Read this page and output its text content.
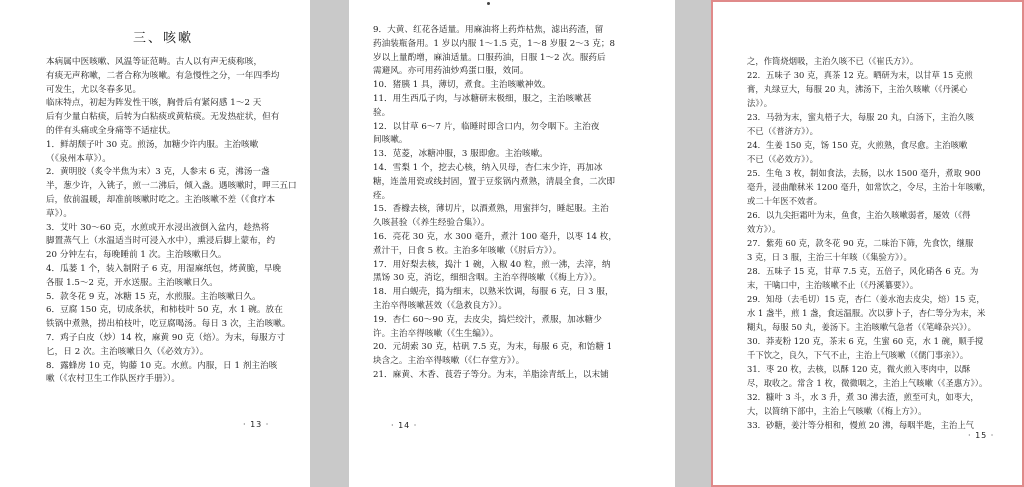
三、咳嗽
本病属中医咳嗽、风温等证范畴。古人以有声无痰称咳，
有痰无声称嗽，二者合称为咳嗽。有急慢性之分，一年四季均
可发生，尤以冬春多见。
临床特点，初起为阵发性干咳，胸骨后有紧闷感 1～2 天
后有少量白粘痰，后转为白粘痰或黄粘痰。无发热症状，但有
的伴有头痛或全身痛等不适症状。
1．鲜胡颓子叶 30 克。煎汤，加糖少许内服。主治咳嗽
（《泉州本草》）。
2．黄明胶（炙令半焦为末）3 克，人参末 6 克，沸汤一盏
半，葱少许，入铫子，煎一二沸后，倾入盏。遇咳嗽时，呷三五口
后，依前温暖，却准前咳嗽时吃之。主治咳嗽不差（《食疗本
草》）。
3．艾叶 30～60 克，水煎或开水浸出液倒入盆内，趁热将
脚置蒸气上（水温适当时可浸入水中），熏浸后脚上蒙布，约
20 分钟左右，每晚睡前 1 次。主治咳嗽日久。
4．瓜蒌 1 个，装入制附子 6 克，用湿麻纸包，烤黄脆，早晚
各服 1.5～2 克，开水送服。主治咳嗽日久。
5．款冬花 9 克，冰糖 15 克，水煎服。主治咳嗽日久。
6．豆腐 150 克，切成条状，和柿枝叶 50 克，水 1 碗。放在
铁锅中煮熟，捞出柏枝叶，吃豆腐喝汤。每日 3 次，主治咳嗽。
7．鸡子白皮（炒）14 枚，麻黄 90 克（焙）。为末，每服方寸
匕，日 2 次。主治咳嗽日久（《必效方》）。
8．露蜂房 10 克，钩藤 10 克。水煎。内服，日 1 剂主治咳
嗽（《农村卫生工作队医疗手册》）。
· 13 ·
9．大黄、红花各适量。用麻油将上药炸枯焦，滤出药渣，留
药油装瓶备用。1 岁以内服 1～1.5 克，1～8 岁服 2～3 克；8
岁以上量酌增，麻油适量。口服药油，日服 1～2 次。服药后
需避风。亦可用药油炒鸡蛋口服，效同。
10．猪胰 1 具，薄切，煮食。主治咳嗽神效。
11．用生西瓜子肉，与冰糖研末极细，服之，主治咳嗽甚
验。
12．以甘草 6～7 片，临睡时即含口内，勿令咽下。主治夜
间咳嗽。
13．苋菱，冰糖冲服，3 服即愈。主治咳嗽。
14．雪梨 1 个，挖去心核，纳入贝母，杏仁末少许，再加冰
糖，连盖用瓷或线封固，置于豆浆锅内煮熟，清晨全食，二次即
痊。
15．香橼去核，薄切片，以酒煮熟，用蜜拌匀，睡起服。主治
久咳甚验（《养生经验合集》）。
16．亮花 30 克，水 300 毫升，煮汁 100 毫升，以枣 14 枚，
煮汁干，日食 5 枚。主治多年咳嗽（《肘后方》）。
17．用好梨去核，捣汁 1 碗，入椒 40 粒，煎一沸，去滓，纳
黑饧 30 克，消讫，细细含咽。主治卒得咳嗽（《梅上方》）。
18．用白蚬壳，捣为细末，以熟米饮调，每服 6 克，日 3 服，
主治卒得咳嗽甚效（《急救良方》）。
19．杏仁 60～90 克，去皮尖，捣烂绞汁，煮服，加冰糖少
许。主治卒得咳嗽（《生生编》）。
20．元胡索 30 克，枯矾 7.5 克，为末，每服 6 克，和饴糖 1
块含之。主治卒得咳嗽（《仁存堂方》）。
21．麻黄、木香、莨菪子等分。为末，羊脂涂青纸上，以末铺
· 14 ·
之，作筒烧烟吸，主治久咳不已（《崔氏方》）。
22．五味子 30 克，真茶 12 克。晒研为末，以甘草 15 克煎
膏，丸绿豆大，每服 20 丸，沸汤下，主治久咳嗽（《丹溪心
法》）。
23．马勃为末，蜜丸梧子大，每服 20 丸，白汤下，主治久咳
不已（《普济方》）。
24．生姜 150 克，饧 150 克，火煎熟，食尽愈。主治咳嗽
不已（《必效方》）。
25．生龟 3 枚，制如食法，去肠，以水 1500 毫升，煮取 900
毫升，浸曲酿秫米 1200 毫升，如常饮之，令尽，主治十年咳嗽，
或二十年医不效者。
26．以九尖拒霜叶为末，鱼食，主治久咳嗽弱者，屡效（《得
效方》）。
27．紫苑 60 克，款冬花 90 克，二味治下筛，先食饮，继服
3 克，日 3 服，主治三十年咳（《集验方》）。
28．五味子 15 克，甘草 7.5 克，五倍子，风化硝各 6 克。为
末，干噙口中，主治咳嗽不止（《丹溪纂要》）。
29．知母（去毛切）15 克，杏仁（姜水泡去皮尖，焙）15 克，
水 1 盏半，煎 1 盏，食远温服。次以萝卜子，杏仁等分为末，米
糊丸，每服 50 丸，姜汤下。主治咳嗽气急者（《笔峰杂兴》）。
30．莽麦粉 120 克，茶末 6 克，生蜜 60 克，水 1 碗，顺手搅
千下饮之，良久，下气不止，主治上气咳嗽（《儒门事亲》）。
31．枣 20 枚，去核，以酥 120 克，微火煎入枣肉中，以酥
尽，取收之。常含 1 枚，微微咽之，主治上气咳嗽（《圣惠方》）。
32．糠叶 3 斗，水 3 升，煮 30 沸去渣，煎至可丸，如枣大，
大，以简纳下部中，主治上气咳嗽（《梅上方》）。
33．砂糖，姜汁等分相和，慢煎 20 沸，每咽半匙，主治上气
· 15 ·
